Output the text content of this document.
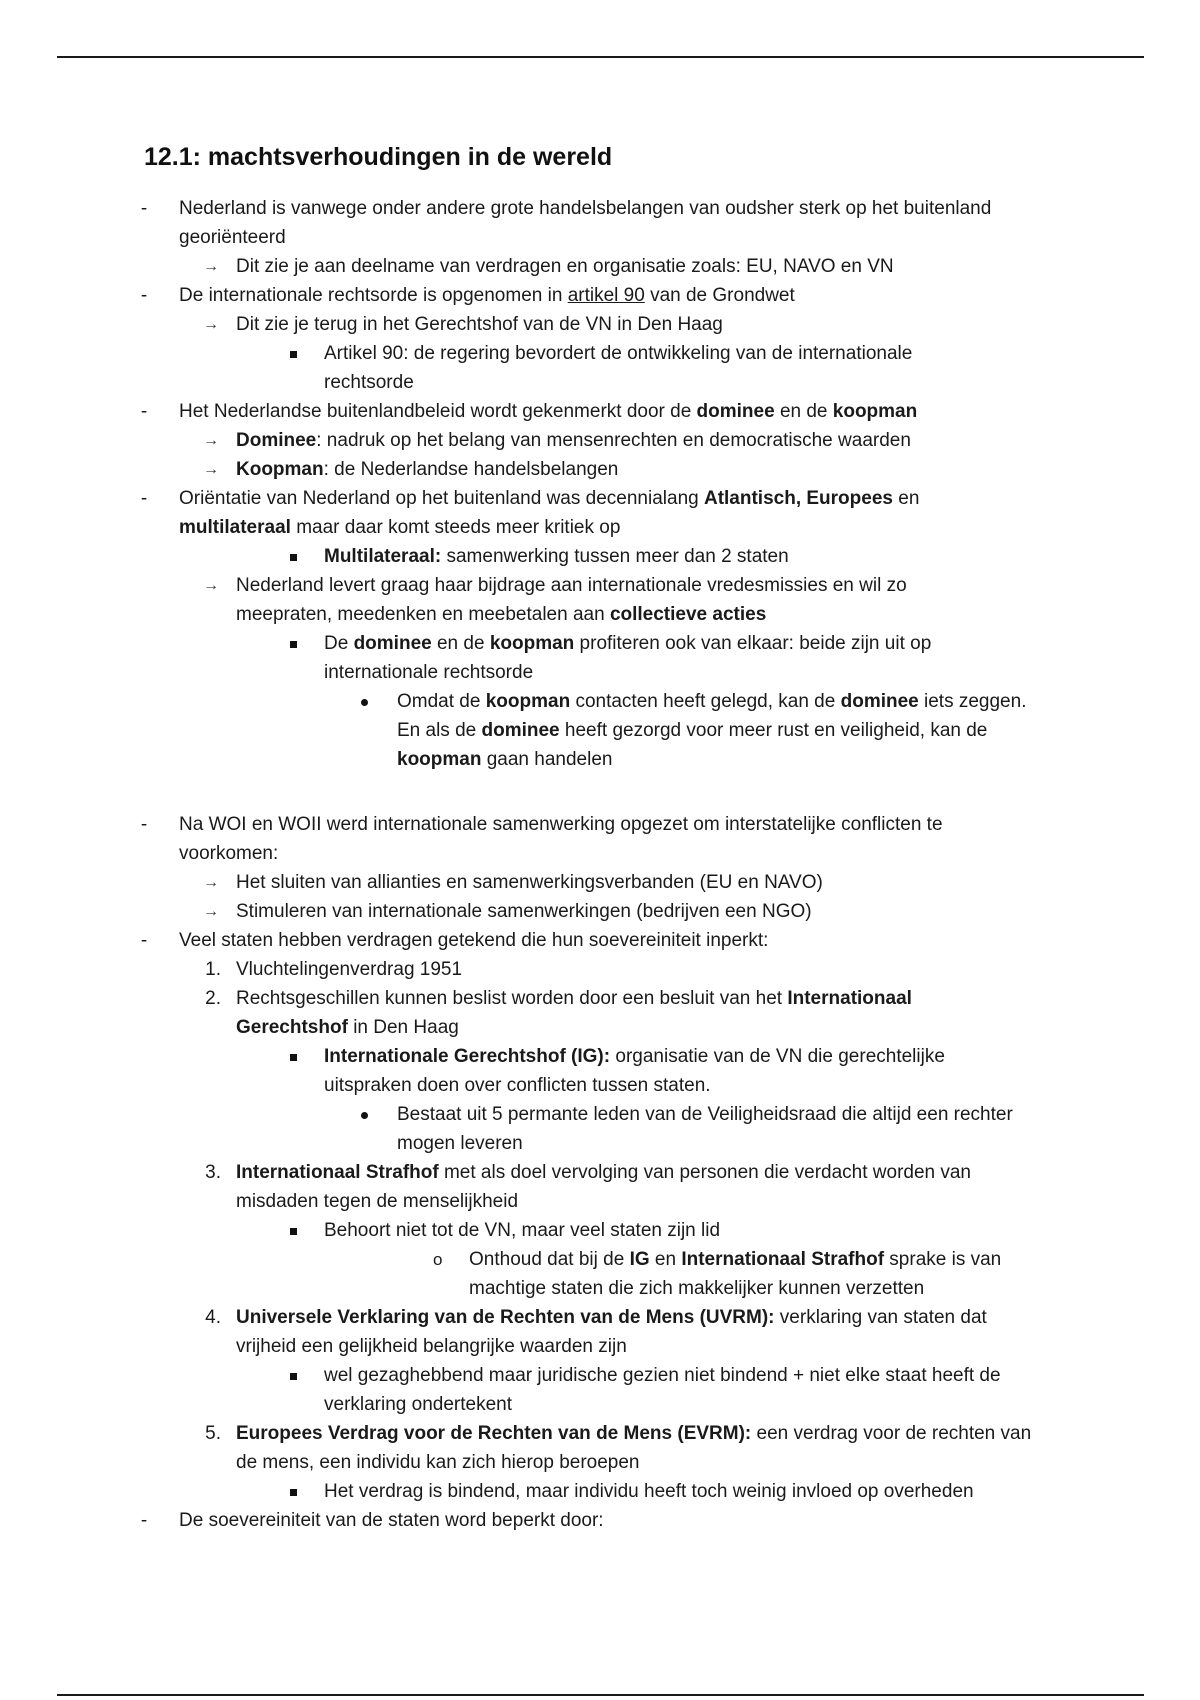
12.1: machtsverhoudingen in de wereld
- Nederland is vanwege onder andere grote handelsbelangen van oudsher sterk op het buitenland
georiënteerd
→ Dit zie je aan deelname van verdragen en organisatie zoals: EU, NAVO en VN
- De internationale rechtsorde is opgenomen in artikel 90 van de Grondwet
→ Dit zie je terug in het Gerechtshof van de VN in Den Haag
Artikel 90: de regering bevordert de ontwikkeling van de internationale
rechtsorde
- Het Nederlandse buitenlandbeleid wordt gekenmerkt door de dominee en de koopman
→ Dominee: nadruk op het belang van mensenrechten en democratische waarden
→ Koopman: de Nederlandse handelsbelangen
- Oriëntatie van Nederland op het buitenland was decennialang Atlantisch, Europees en
multilateraal maar daar komt steeds meer kritiek op
Multilateraal: samenwerking tussen meer dan 2 staten
→ Nederland levert graag haar bijdrage aan internationale vredesmissies en wil zo
meepraten, meedenken en meebetalen aan collectieve acties
De dominee en de koopman profiteren ook van elkaar: beide zijn uit op
internationale rechtsorde
Omdat de koopman contacten heeft gelegd, kan de dominee iets zeggen.
En als de dominee heeft gezorgd voor meer rust en veiligheid, kan de
koopman gaan handelen
- Na WOI en WOII werd internationale samenwerking opgezet om interstatelijke conflicten te
voorkomen:
→ Het sluiten van allianties en samenwerkingsverbanden (EU en NAVO)
→ Stimuleren van internationale samenwerkingen (bedrijven een NGO)
- Veel staten hebben verdragen getekend die hun soevereiniteit inperkt:
1. Vluchtelingenverdrag 1951
2. Rechtsgeschillen kunnen beslist worden door een besluit van het Internationaal
Gerechtshof in Den Haag
Internationale Gerechtshof (IG): organisatie van de VN die gerechtelijke
uitspraken doen over conflicten tussen staten.
Bestaat uit 5 permante leden van de Veiligheidsraad die altijd een rechter
mogen leveren
3. Internationaal Strafhof met als doel vervolging van personen die verdacht worden van
misdaden tegen de menselijkheid
Behoort niet tot de VN, maar veel staten zijn lid
o Onthoud dat bij de IG en Internationaal Strafhof sprake is van
machtige staten die zich makkelijker kunnen verzetten
4. Universele Verklaring van de Rechten van de Mens (UVRM): verklaring van staten dat
vrijheid een gelijkheid belangrijke waarden zijn
wel gezaghebbend maar juridische gezien niet bindend + niet elke staat heeft de
verklaring ondertekent
5. Europees Verdrag voor de Rechten van de Mens (EVRM): een verdrag voor de rechten van
de mens, een individu kan zich hierop beroepen
Het verdrag is bindend, maar individu heeft toch weinig invloed op overheden
- De soevereiniteit van de staten word beperkt door:
